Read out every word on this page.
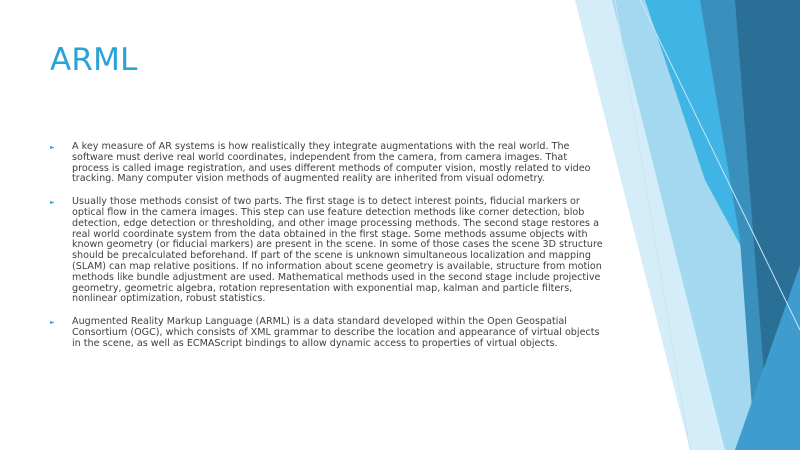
ARML
► A key measure of AR systems is how realistically they integrate augmentations with the real world. The software must derive real world coordinates, independent from the camera, from camera images. That process is called image registration, and uses different methods of computer vision, mostly related to video tracking. Many computer vision methods of augmented reality are inherited from visual odometry.
► Usually those methods consist of two parts. The first stage is to detect interest points, fiducial markers or optical flow in the camera images. This step can use feature detection methods like corner detection, blob detection, edge detection or thresholding, and other image processing methods. The second stage restores a real world coordinate system from the data obtained in the first stage. Some methods assume objects with known geometry (or fiducial markers) are present in the scene. In some of those cases the scene 3D structure should be precalculated beforehand. If part of the scene is unknown simultaneous localization and mapping (SLAM) can map relative positions. If no information about scene geometry is available, structure from motion methods like bundle adjustment are used. Mathematical methods used in the second stage include projective geometry, geometric algebra, rotation representation with exponential map, kalman and particle filters, nonlinear optimization, robust statistics.
► Augmented Reality Markup Language (ARML) is a data standard developed within the Open Geospatial Consortium (OGC), which consists of XML grammar to describe the location and appearance of virtual objects in the scene, as well as ECMAScript bindings to allow dynamic access to properties of virtual objects.
